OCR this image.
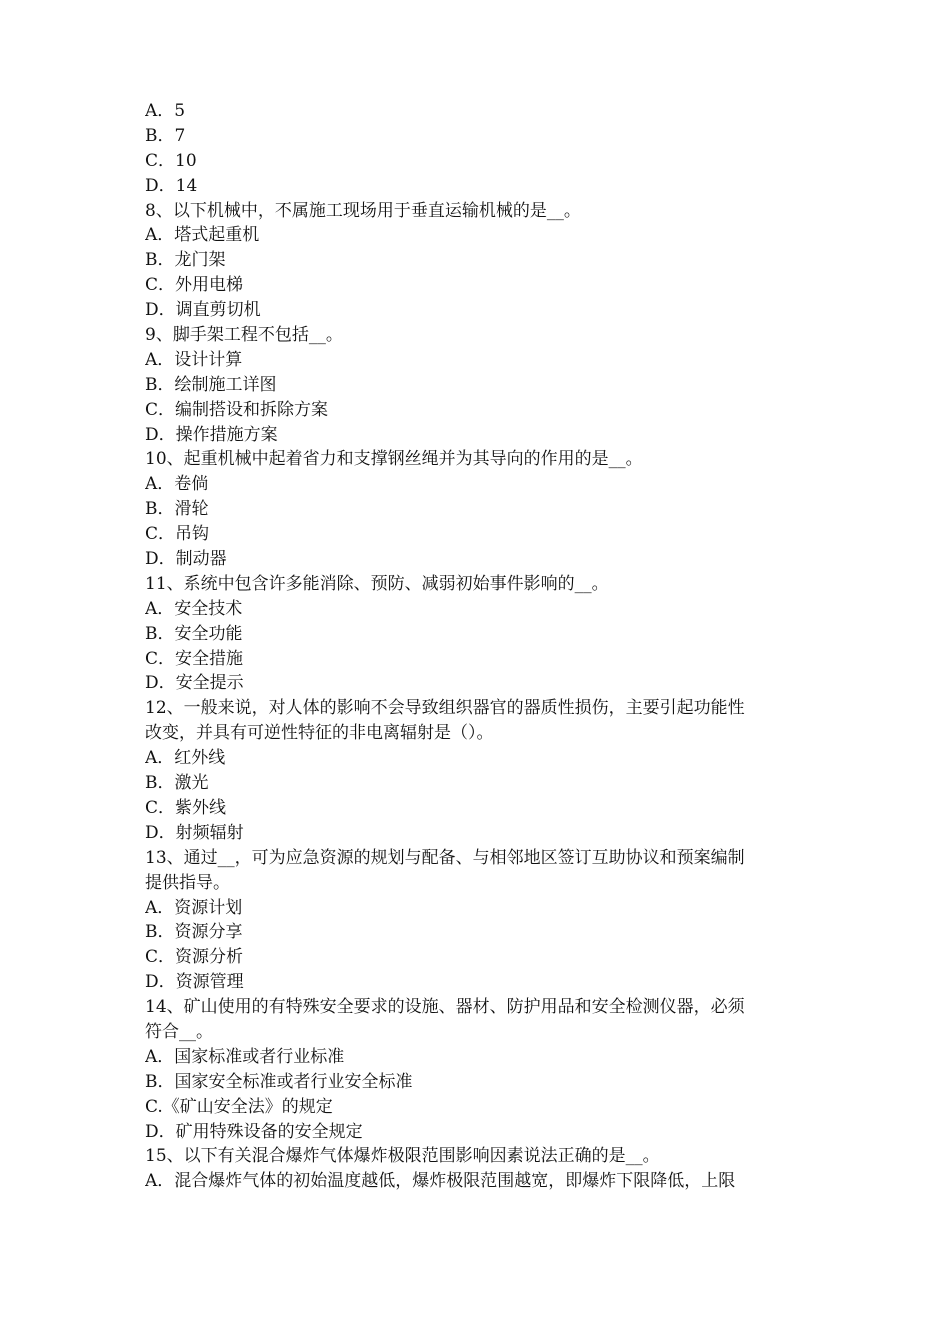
A．5
B．7
C．10
D．14
8、以下机械中，不属施工现场用于垂直运输机械的是__。
A．塔式起重机
B．龙门架
C．外用电梯
D．调直剪切机
9、脚手架工程不包括__。
A．设计计算
B．绘制施工详图
C．编制搭设和拆除方案
D．操作措施方案
10、起重机械中起着省力和支撑钢丝绳并为其导向的作用的是__。
A．卷倘
B．滑轮
C．吊钩
D．制动器
11、系统中包含许多能消除、预防、减弱初始事件影响的__。
A．安全技术
B．安全功能
C．安全措施
D．安全提示
12、一般来说，对人体的影响不会导致组织器官的器质性损伤，主要引起功能性
改变，并具有可逆性特征的非电离辐射是（）。
A．红外线
B．激光
C．紫外线
D．射频辐射
13、通过__，可为应急资源的规划与配备、与相邻地区签订互助协议和预案编制
提供指导。
A．资源计划
B．资源分享
C．资源分析
D．资源管理
14、矿山使用的有特殊安全要求的设施、器材、防护用品和安全检测仪器，必须
符合__。
A．国家标准或者行业标准
B．国家安全标准或者行业安全标准
C.《矿山安全法》的规定
D．矿用特殊设备的安全规定
15、以下有关混合爆炸气体爆炸极限范围影响因素说法正确的是__。
A．混合爆炸气体的初始温度越低，爆炸极限范围越宽，即爆炸下限降低，上限
